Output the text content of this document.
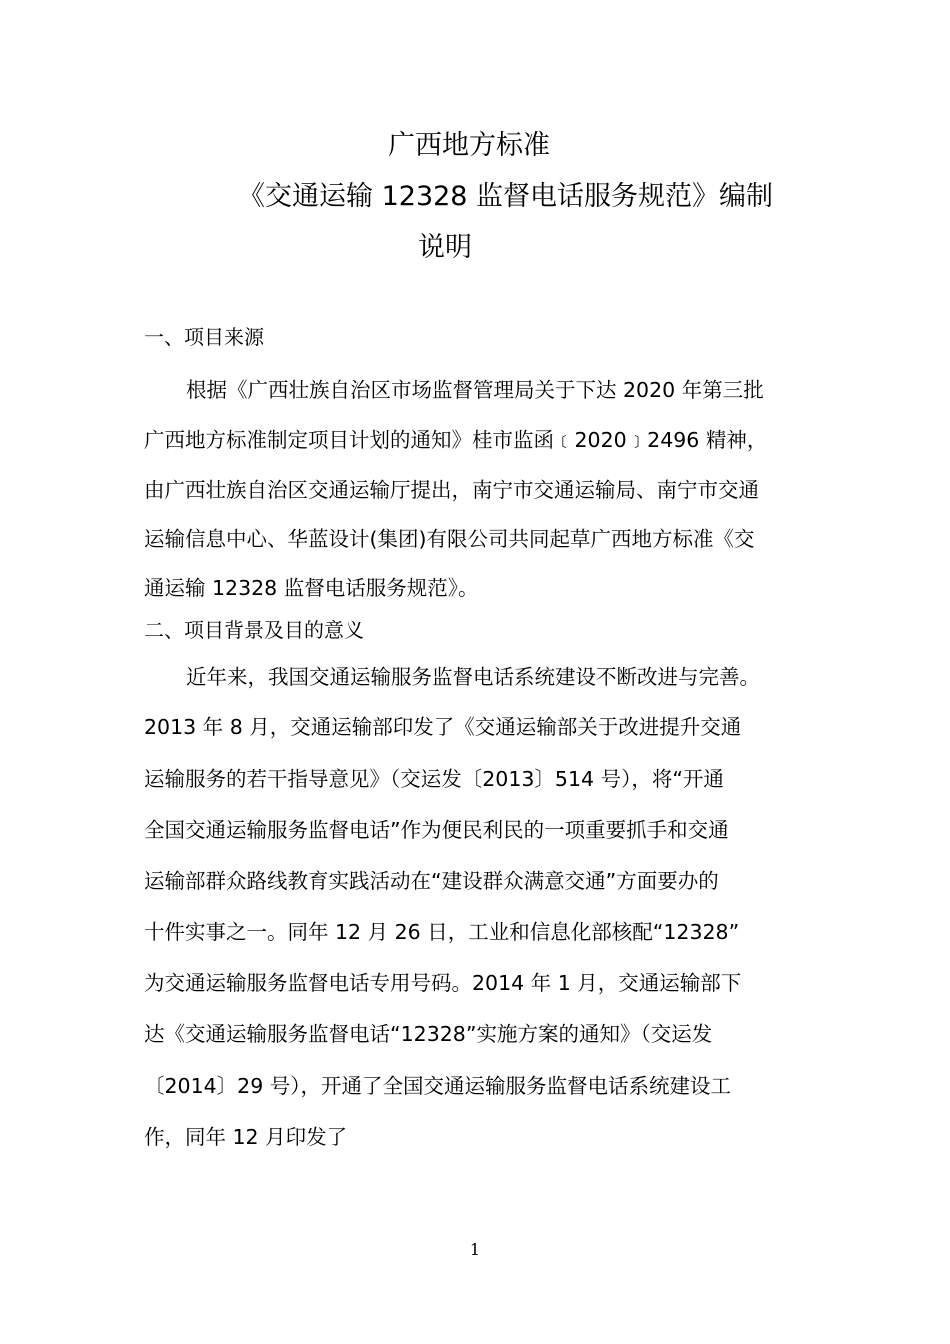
广西地方标准
《交通运输 12328 监督电话服务规范》编制
说明
一、项目来源

根据《广西壮族自治区市场监督管理局关于下达 2020 年第三批

广西地方标准制定项目计划的通知》桂市监函﹝2020﹞2496 精神，

由广西壮族自治区交通运输厅提出，南宁市交通运输局、南宁市交通

运输信息中心、华蓝设计(集团)有限公司共同起草广西地方标准《交

通运输 12328 监督电话服务规范》。

二、项目背景及目的意义

近年来，我国交通运输服务监督电话系统建设不断改进与完善。

2013 年 8 月，交通运输部印发了《交通运输部关于改进提升交通

运输服务的若干指导意见》（交运发〔2013〕514 号），将“开通

全国交通运输服务监督电话”作为便民利民的一项重要抓手和交通

运输部群众路线教育实践活动在“建设群众满意交通”方面要办的

十件实事之一。同年 12 月 26 日，工业和信息化部核配“12328”

为交通运输服务监督电话专用号码。2014 年 1 月，交通运输部下

达《交通运输服务监督电话“12328”实施方案的通知》（交运发

〔2014〕29 号），开通了全国交通运输服务监督电话系统建设工

作，同年 12 月印发了

1
